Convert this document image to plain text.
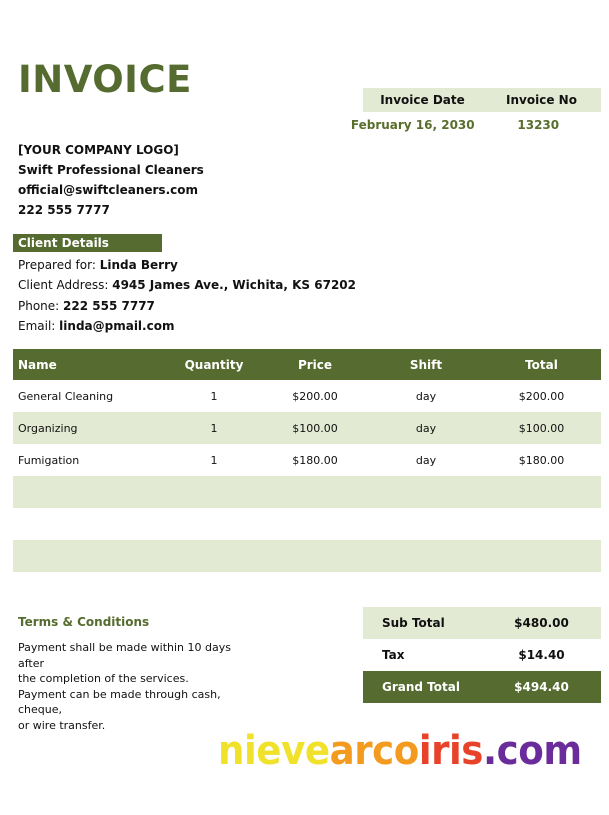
INVOICE	Invoice Date	Invoice No
February 16, 2030	13230
[YOUR COMPANY LOGO]
Swift Professional Cleaners
official@swiftcleaners.com
222 555 7777
Client Details
Prepared for: Linda Berry
Client Address: 4945 James Ave., Wichita, KS 67202
Phone: 222 555 7777
Email: linda@pmail.com
Name	Quantity	Price	Shift	Total
General Cleaning	1	$200.00	day	$200.00
Organizing	1	$100.00	day	$100.00
Fumigation	1	$180.00	day	$180.00

Terms & Conditions
Payment shall be made within 10 days after
the completion of the services.
Payment can be made through cash, cheque,
or wire transfer.
Sub Total	$480.00
Tax	$14.40
Grand Total	$494.40
nievearcoiris.com
